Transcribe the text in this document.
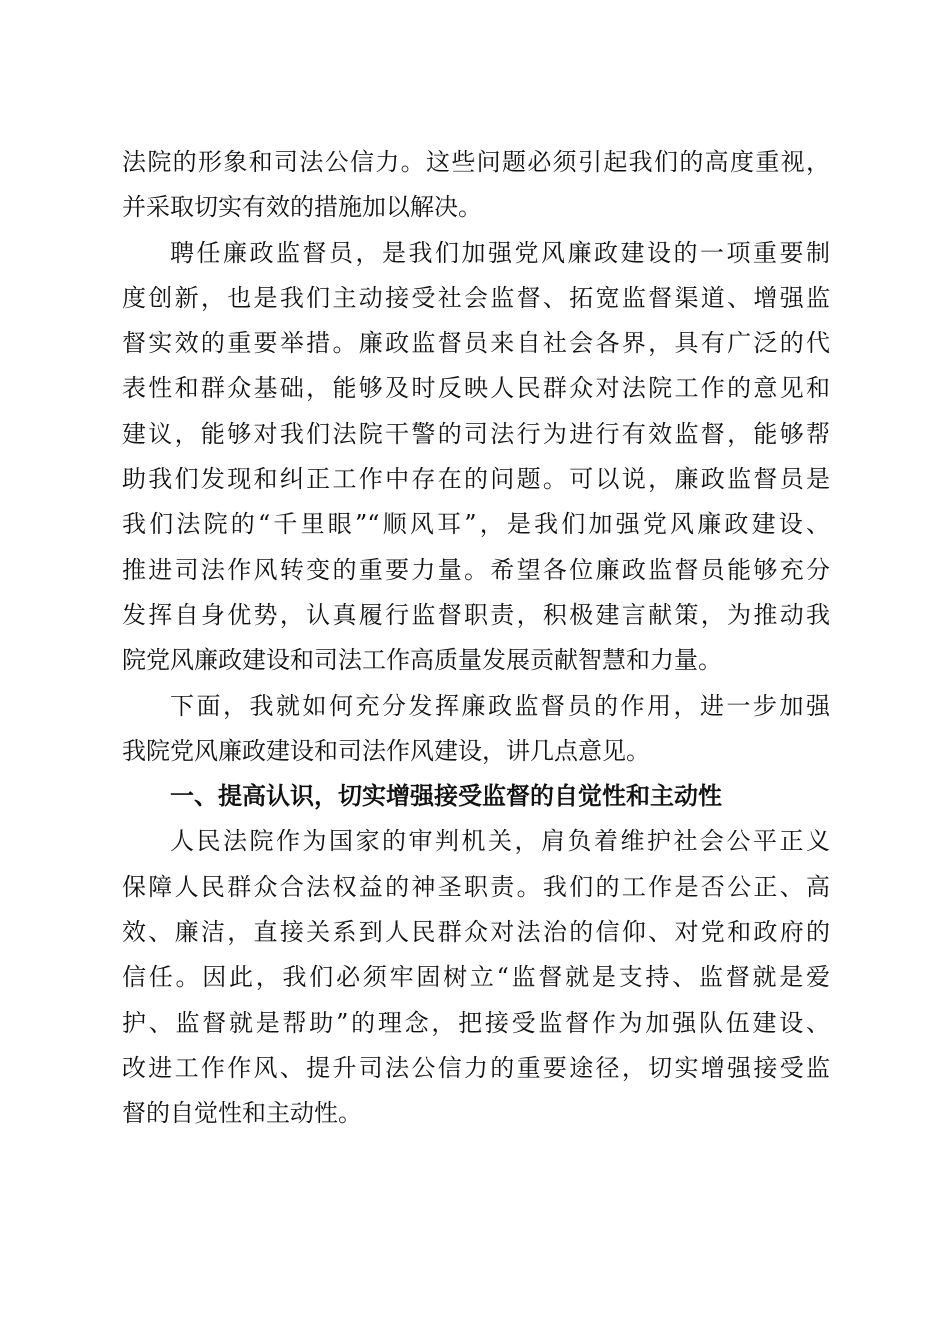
法院的形象和司法公信力。这些问题必须引起我们的高度重视，
并采取切实有效的措施加以解决。
聘任廉政监督员，是我们加强党风廉政建设的一项重要制
度创新，也是我们主动接受社会监督、拓宽监督渠道、增强监
督实效的重要举措。廉政监督员来自社会各界，具有广泛的代
表性和群众基础，能够及时反映人民群众对法院工作的意见和
建议，能够对我们法院干警的司法行为进行有效监督，能够帮
助我们发现和纠正工作中存在的问题。可以说，廉政监督员是
我们法院的“千里眼”“顺风耳”，是我们加强党风廉政建设、
推进司法作风转变的重要力量。希望各位廉政监督员能够充分
发挥自身优势，认真履行监督职责，积极建言献策，为推动我
院党风廉政建设和司法工作高质量发展贡献智慧和力量。
下面，我就如何充分发挥廉政监督员的作用，进一步加强
我院党风廉政建设和司法作风建设，讲几点意见。
一、提高认识，切实增强接受监督的自觉性和主动性
人民法院作为国家的审判机关，肩负着维护社会公平正义
保障人民群众合法权益的神圣职责。我们的工作是否公正、高
效、廉洁，直接关系到人民群众对法治的信仰、对党和政府的
信任。因此，我们必须牢固树立“监督就是支持、监督就是爱
护、监督就是帮助”的理念，把接受监督作为加强队伍建设、
改进工作作风、提升司法公信力的重要途径，切实增强接受监
督的自觉性和主动性。
